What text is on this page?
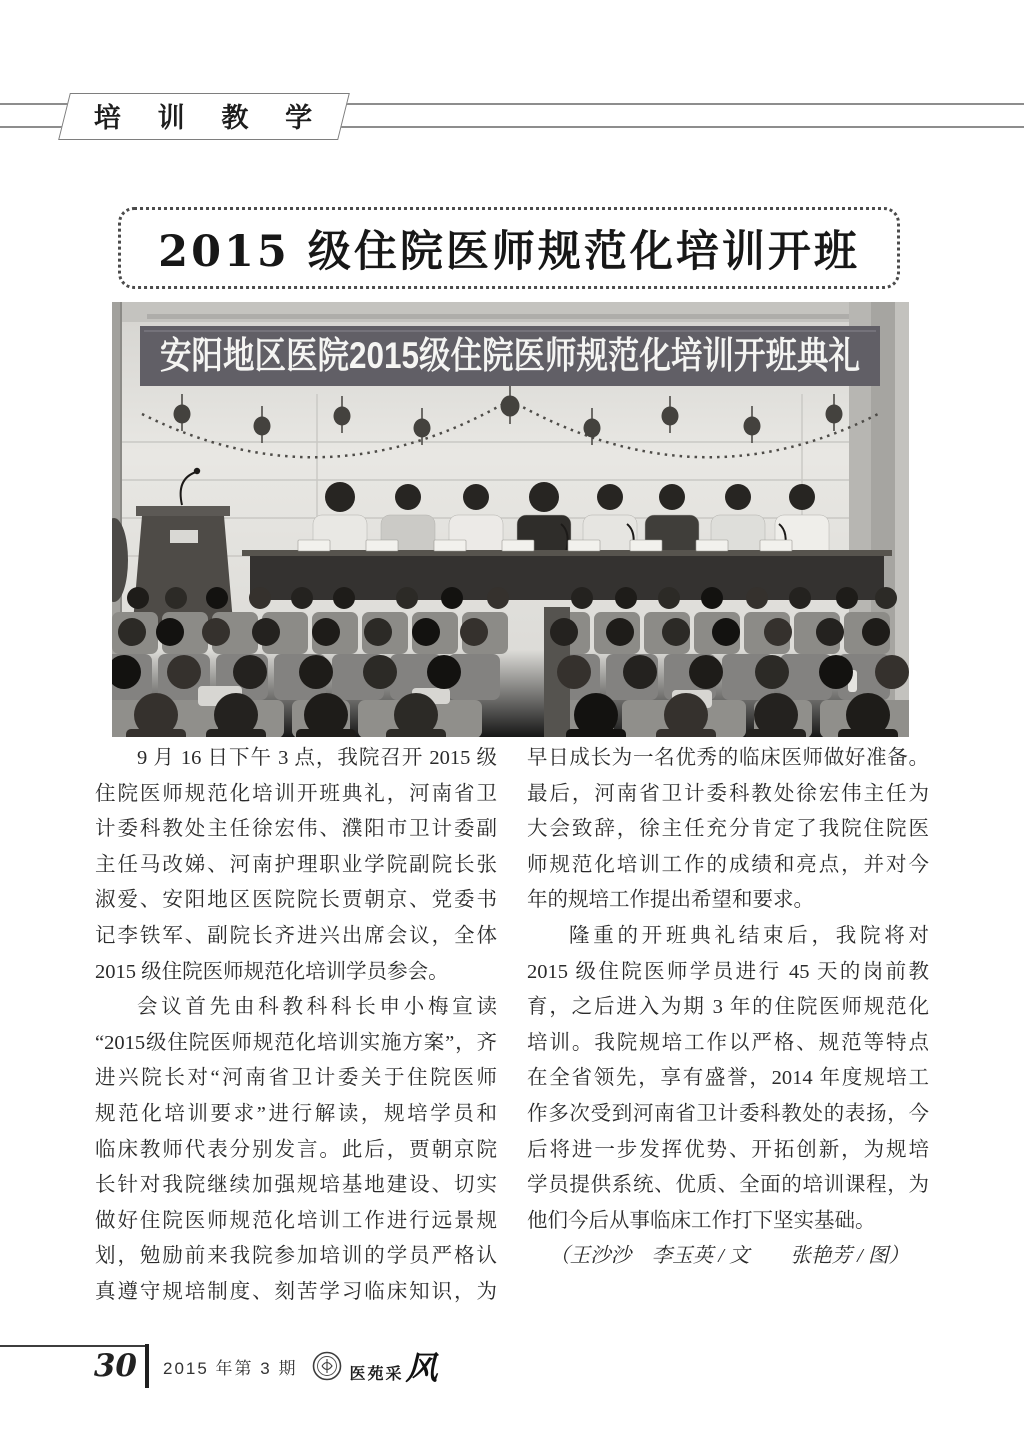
培 训 教 学
2015 级住院医师规范化培训开班
安阳地区医院2015级住院医师规范化培训开班典礼
9 月 16 日下午 3 点，我院召开 2015 级
住院医师规范化培训开班典礼，河南省卫
计委科教处主任徐宏伟、濮阳市卫计委副
主任马改娣、河南护理职业学院副院长张
淑爱、安阳地区医院院长贾朝京、党委书
记李铁军、副院长齐进兴出席会议，全体
2015 级住院医师规范化培训学员参会。
会议首先由科教科科长申小梅宣读
“2015级住院医师规范化培训实施方案”，齐
进兴院长对“河南省卫计委关于住院医师
规范化培训要求”进行解读，规培学员和
临床教师代表分别发言。此后，贾朝京院
长针对我院继续加强规培基地建设、切实
做好住院医师规范化培训工作进行远景规
划，勉励前来我院参加培训的学员严格认
真遵守规培制度、刻苦学习临床知识，为
早日成长为一名优秀的临床医师做好准备。
最后，河南省卫计委科教处徐宏伟主任为
大会致辞，徐主任充分肯定了我院住院医
师规范化培训工作的成绩和亮点，并对今
年的规培工作提出希望和要求。
隆重的开班典礼结束后，我院将对
2015 级住院医师学员进行 45 天的岗前教
育，之后进入为期 3 年的住院医师规范化
培训。我院规培工作以严格、规范等特点
在全省领先，享有盛誉，2014 年度规培工
作多次受到河南省卫计委科教处的表扬，今
后将进一步发挥优势、开拓创新，为规培
学员提供系统、优质、全面的培训课程，为
他们今后从事临床工作打下坚实基础。
（王沙沙　李玉英 / 文　　张艳芳 / 图）
30	2015 年第 3 期	医苑采 风
